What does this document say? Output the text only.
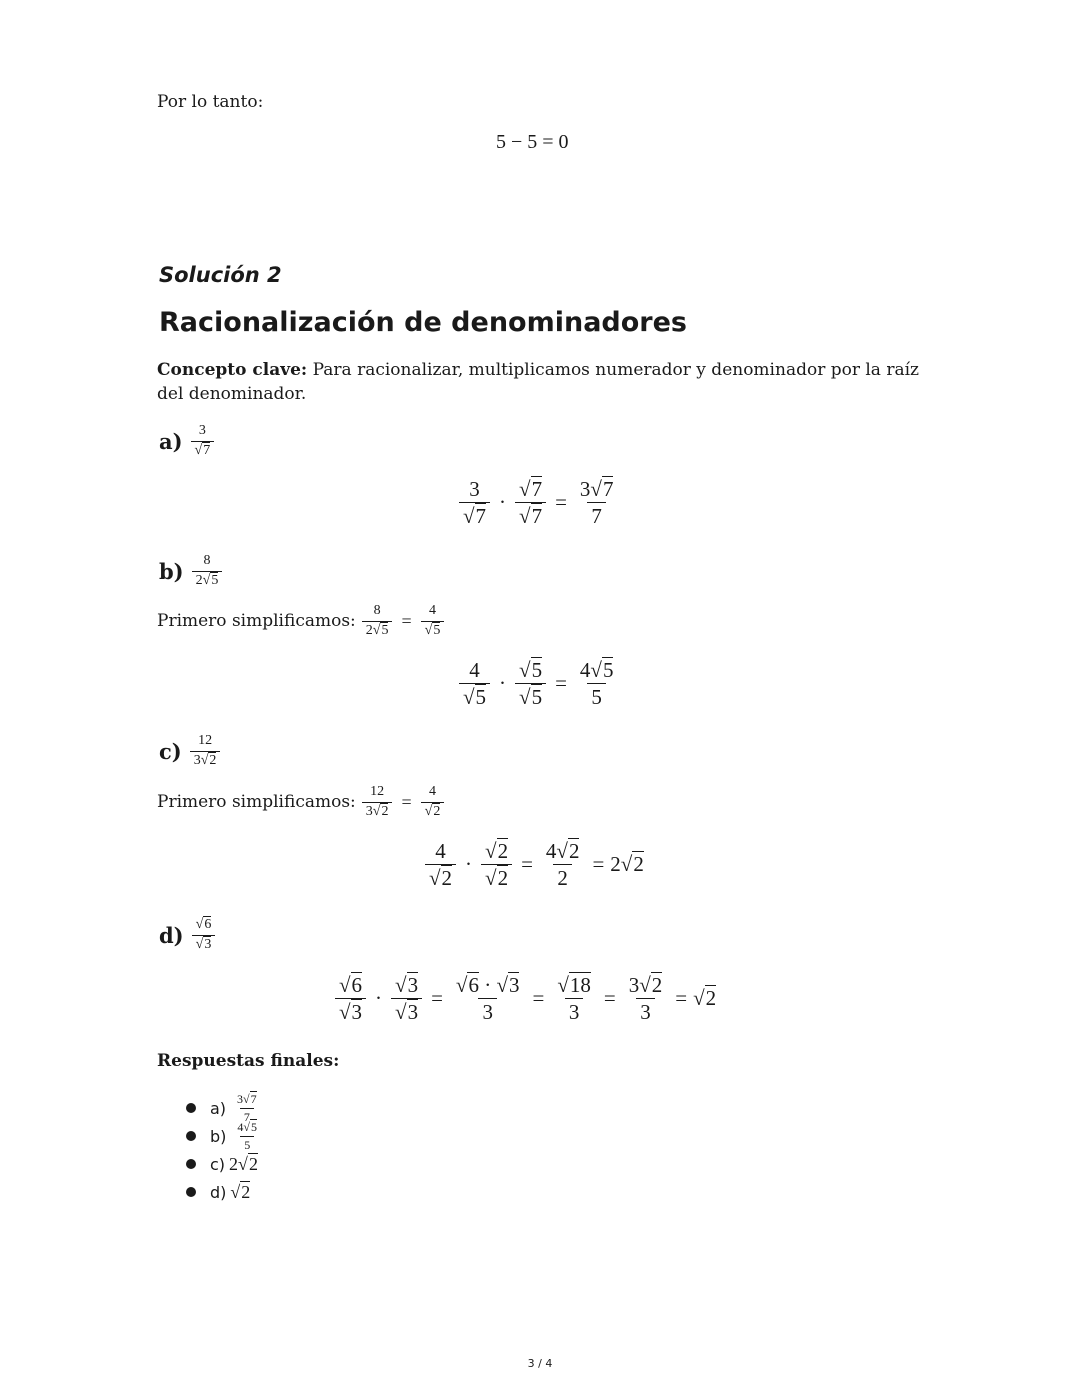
Por lo tanto:
5 − 5 = 0
Solución 2
Racionalización de denominadores
Concepto clave: Para racionalizar, multiplicamos numerador y denominador por la raíz
del denominador.
$a) \frac{3}{√7}$
$\frac{3}{√7} \cdot \frac{√7}{√7} = \frac{3√7}{7}$
$b) \frac{8}{2√5}$
Primero simplificamos: $\frac{8}{2√5} = \frac{4}{√5}$
$\frac{4}{√5} \cdot \frac{√5}{√5} = \frac{4√5}{5}$
$c) \frac{12}{3√2}$
Primero simplificamos: $\frac{12}{3√2} = \frac{4}{√2}$
$\frac{4}{√2} \cdot \frac{√2}{√2} = \frac{4√2}{2} = 2√2$
$d) \frac{√6}{√3}$
$\frac{√6}{√3} \cdot \frac{√3}{√3} = \frac{√6 \cdot √3}{3} = \frac{√18}{3} = \frac{3√2}{3} = √2$
Respuestas finales:
$a) \frac{3√7}{7}$
$b) \frac{4√5}{5}$
c) 2√2
d) √2
3 / 4
